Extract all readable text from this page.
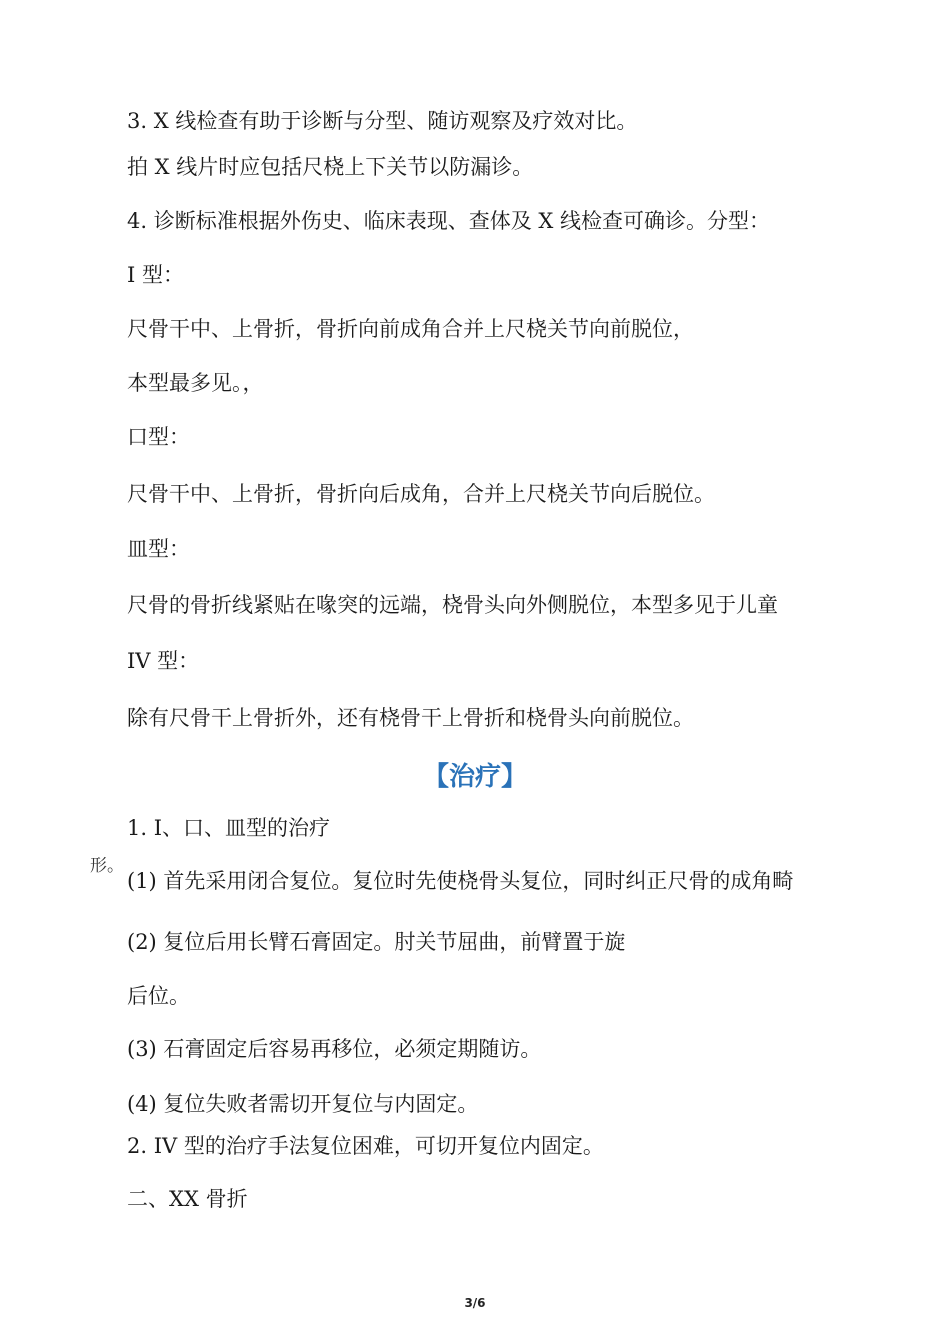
3. X 线检查有助于诊断与分型、随访观察及疗效对比。
拍 X 线片时应包括尺桡上下关节以防漏诊。
4. 诊断标准根据外伤史、临床表现、查体及 X 线检查可确诊。分型：
I 型：
尺骨干中、上骨折，骨折向前成角合并上尺桡关节向前脱位，
本型最多见。，
口型：
尺骨干中、上骨折，骨折向后成角，合并上尺桡关节向后脱位。
皿型：
尺骨的骨折线紧贴在喙突的远端，桡骨头向外侧脱位，本型多见于儿童
IV 型：
除有尺骨干上骨折外，还有桡骨干上骨折和桡骨头向前脱位。
【治疗】
1. I、口、皿型的治疗
形。
(1) 首先采用闭合复位。复位时先使桡骨头复位，同时纠正尺骨的成角畸
(2) 复位后用长臂石膏固定。肘关节屈曲，前臂置于旋
后位。
(3) 石膏固定后容易再移位，必须定期随访。
(4) 复位失败者需切开复位与内固定。
2. IV 型的治疗手法复位困难，可切开复位内固定。
二、XX 骨折
3/6
